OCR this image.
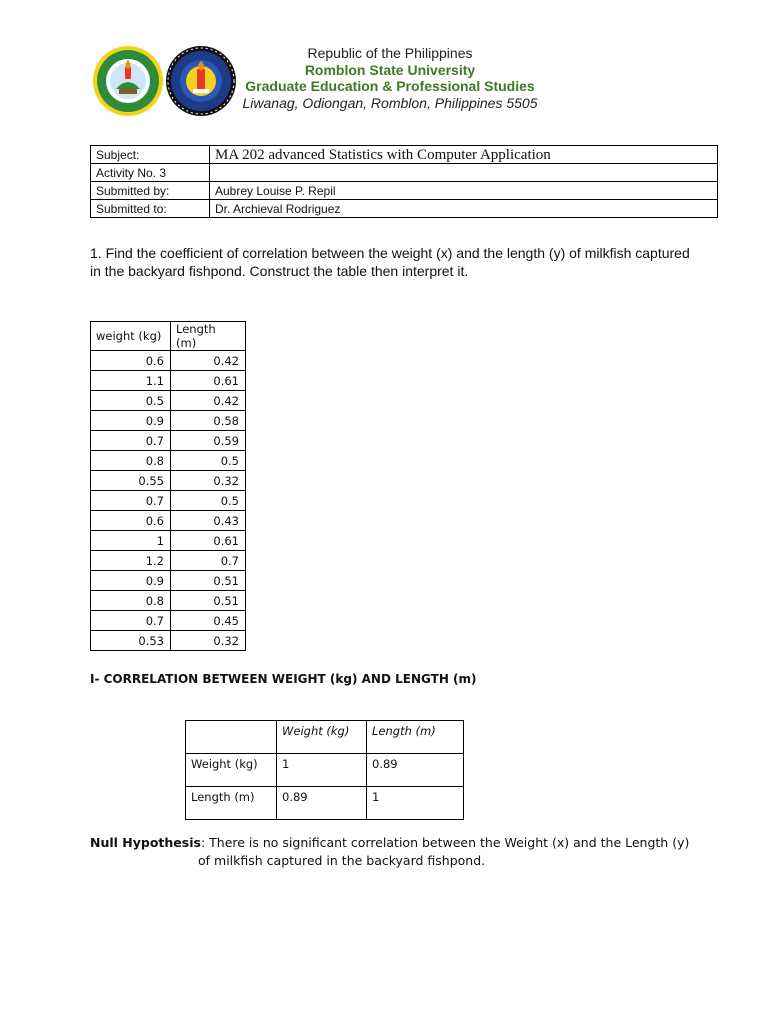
Republic of the Philippines
Romblon State University
Graduate Education & Professional Studies
Liwanag, Odiongan, Romblon, Philippines 5505
Subject:	MA 202 advanced Statistics with Computer Application
Activity No. 3	
Submitted by:	Aubrey Louise P. Repil
Submitted to:	Dr. Archieval Rodriguez
1. Find the coefficient of correlation between the weight (x) and the length (y) of milkfish captured in the backyard fishpond. Construct the table then interpret it.
weight (kg)	Length (m)
0.6	0.42
1.1	0.61
0.5	0.42
0.9	0.58
0.7	0.59
0.8	0.5
0.55	0.32
0.7	0.5
0.6	0.43
1	0.61
1.2	0.7
0.9	0.51
0.8	0.51
0.7	0.45
0.53	0.32
I- CORRELATION BETWEEN WEIGHT (kg) AND LENGTH (m)
	Weight (kg)	Length (m)
Weight (kg)	1	0.89
Length (m)	0.89	1
Null Hypothesis: There is no significant correlation between the Weight (x) and the Length (y)
of milkfish captured in the backyard fishpond.
